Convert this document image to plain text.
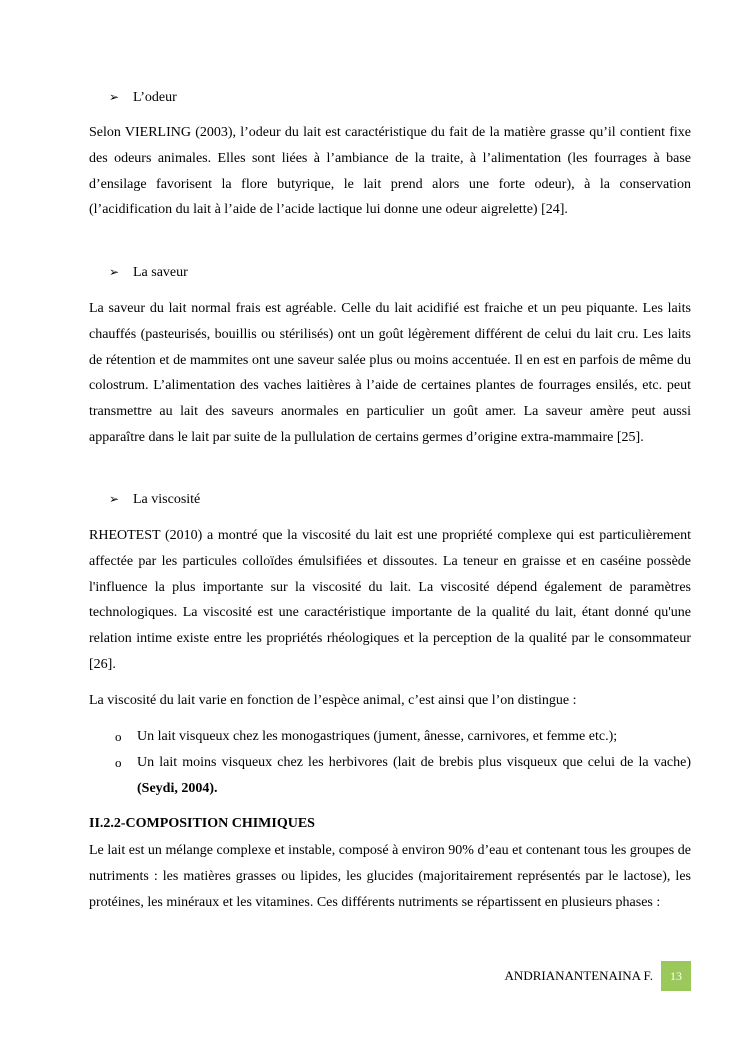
➢ L’odeur
Selon VIERLING (2003), l’odeur du lait est caractéristique du fait de la matière grasse qu’il contient fixe des odeurs animales. Elles sont liées à l’ambiance de la traite, à l’alimentation (les fourrages à base d’ensilage favorisent la flore butyrique, le lait prend alors une forte odeur), à la conservation (l’acidification du lait à l’aide de l’acide lactique lui donne une odeur aigrelette) [24].
➢ La saveur
La saveur du lait normal frais est agréable. Celle du lait acidifié est fraiche et un peu piquante. Les laits chauffés (pasteurisés, bouillis ou stérilisés) ont un goût légèrement différent de celui du lait cru. Les laits de rétention et de mammites ont une saveur salée plus ou moins accentuée. Il en est en parfois de même du colostrum. L’alimentation des vaches laitières à l’aide de certaines plantes de fourrages ensilés, etc. peut transmettre au lait des saveurs anormales en particulier un goût amer. La saveur amère peut aussi apparaître dans le lait par suite de la pullulation de certains germes d’origine extra-mammaire [25].
➢ La viscosité
RHEOTEST (2010) a montré que la viscosité du lait est une propriété complexe qui est particulièrement affectée par les particules colloïdes émulsifiées et dissoutes. La teneur en graisse et en caséine possède l'influence la plus importante sur la viscosité du lait. La viscosité dépend également de paramètres technologiques. La viscosité est une caractéristique importante de la qualité du lait, étant donné qu'une relation intime existe entre les propriétés rhéologiques et la perception de la qualité par le consommateur [26].
La viscosité du lait varie en fonction de l’espèce animal, c’est ainsi que l’on distingue :
o Un lait visqueux chez les monogastriques (jument, ânesse, carnivores, et femme etc.);
o Un lait moins visqueux chez les herbivores (lait de brebis plus visqueux que celui de la vache) (Seydi, 2004).
II.2.2-COMPOSITION CHIMIQUES
Le lait est un mélange complexe et instable, composé à environ 90% d’eau et contenant tous les groupes de nutriments : les matières grasses ou lipides, les glucides (majoritairement représentés par le lactose), les protéines, les minéraux et les vitamines. Ces différents nutriments se répartissent en plusieurs phases :
ANDRIANANTENAINA F.	13
